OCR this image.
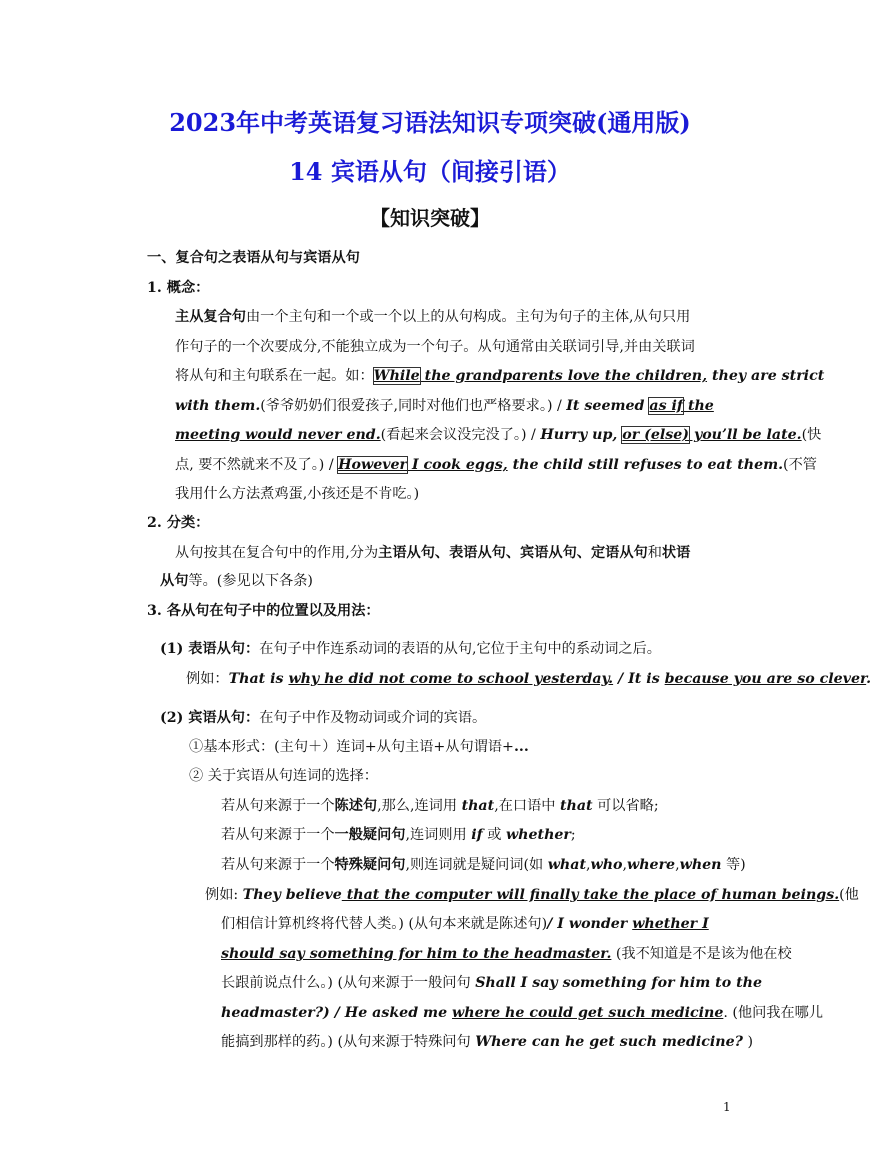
2023年中考英语复习语法知识专项突破(通用版)
14 宾语从句（间接引语）
【知识突破】
一、复合句之表语从句与宾语从句
1. 概念：
主从复合句由一个主句和一个或一个以上的从句构成。主句为句子的主体,从句只用
作句子的一个次要成分,不能独立成为一个句子。从句通常由关联词引导,并由关联词
将从句和主句联系在一起。如：While the grandparents love the children, they are strict
with them.(爷爷奶奶们很爱孩子,同时对他们也严格要求。) / It seemed as if the
meeting would never end.(看起来会议没完没了。) / Hurry up, or (else) you’ll be late.(快
点, 要不然就来不及了。) / However I cook eggs, the child still refuses to eat them.(不管
我用什么方法煮鸡蛋,小孩还是不肯吃。)
2. 分类：
从句按其在复合句中的作用,分为主语从句、表语从句、宾语从句、定语从句和状语
从句等。(参见以下各条)
3. 各从句在句子中的位置以及用法：
(1) 表语从句：在句子中作连系动词的表语的从句,它位于主句中的系动词之后。
例如：That is why he did not come to school yesterday. / It is because you are so clever.
(2) 宾语从句：在句子中作及物动词或介词的宾语。
①基本形式：(主句＋）连词+从句主语+从句谓语+...
② 关于宾语从句连词的选择：
若从句来源于一个陈述句,那么,连词用 that,在口语中 that 可以省略;
若从句来源于一个一般疑问句,连词则用 if 或 whether;
若从句来源于一个特殊疑问句,则连词就是疑问词(如 what,who,where,when 等)
例如: They believe that the computer will finally take the place of human beings.(他
们相信计算机终将代替人类。) (从句本来就是陈述句)/ I wonder whether I
should say something for him to the headmaster. (我不知道是不是该为他在校
长跟前说点什么。) (从句来源于一般问句 Shall I say something for him to the
headmaster?) / He asked me where he could get such medicine. (他问我在哪儿
能搞到那样的药。) (从句来源于特殊问句 Where can he get such medicine? )
1
